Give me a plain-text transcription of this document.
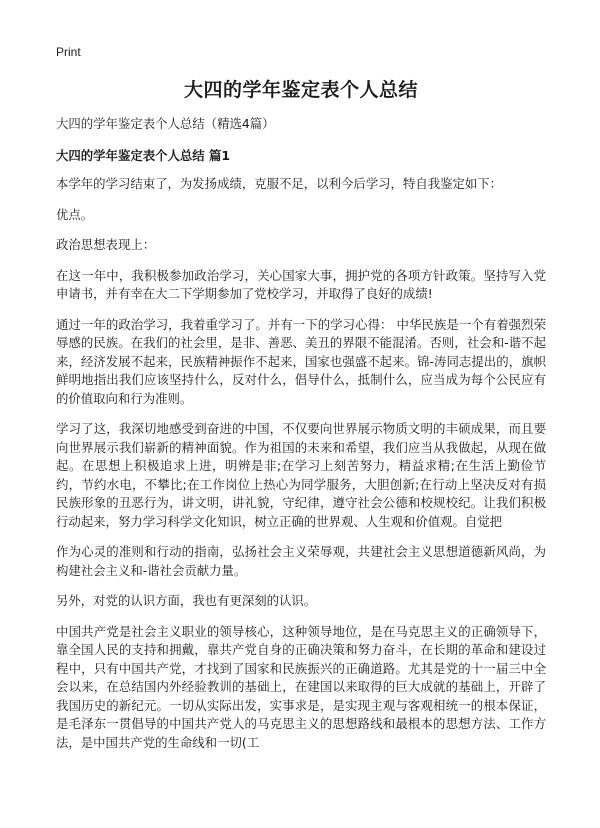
Print
大四的学年鉴定表个人总结
大四的学年鉴定表个人总结（精选4篇）
大四的学年鉴定表个人总结 篇1
本学年的学习结束了，为发扬成绩，克服不足，以利今后学习，特自我鉴定如下：
优点。
政治思想表现上：
在这一年中，我积极参加政治学习，关心国家大事，拥护党的各项方针政策。坚持写入党申请书，并有幸在大二下学期参加了党校学习，并取得了良好的成绩!
通过一年的政治学习，我着重学习了。并有一下的学习心得： 中华民族是一个有着强烈荣辱感的民族。在我们的社会里，是非、善恶、美丑的界限不能混淆。否则，社会和-谐不起来，经济发展不起来，民族精神振作不起来，国家也强盛不起来。锦-涛同志提出的，旗帜鲜明地指出我们应该坚持什么，反对什么，倡导什么，抵制什么，应当成为每个公民应有的价值取向和行为准则。
学习了这，我深切地感受到奋进的中国，不仅要向世界展示物质文明的丰硕成果，而且要向世界展示我们崭新的精神面貌。作为祖国的未来和希望，我们应当从我做起，从现在做起。在思想上积极追求上进，明辨是非;在学习上刻苦努力，精益求精;在生活上勤俭节约，节约水电，不攀比;在工作岗位上热心为同学服务，大胆创新;在行动上坚决反对有损民族形象的丑恶行为，讲文明，讲礼貌，守纪律，遵守社会公德和校规校纪。让我们积极行动起来，努力学习科学文化知识，树立正确的世界观、人生观和价值观。自觉把
作为心灵的准则和行动的指南，弘扬社会主义荣辱观，共建社会主义思想道德新风尚，为构建社会主义和-谐社会贡献力量。
另外，对党的认识方面，我也有更深刻的认识。
中国共产党是社会主义职业的领导核心，这种领导地位，是在马克思主义的正确领导下，靠全国人民的支持和拥戴，靠共产党自身的正确决策和努力奋斗，在长期的革命和建设过程中，只有中国共产党，才找到了国家和民族振兴的正确道路。尤其是党的十一届三中全会以来，在总结国内外经验教训的基础上，在建国以来取得的巨大成就的基础上，开辟了我国历史的新纪元。一切从实际出发，实事求是，是实现主观与客观相统一的根本保证，是毛泽东一贯倡导的中国共产党人的马克思主义的思想路线和最根本的思想方法、工作方法，是中国共产党的生命线和一切(工
